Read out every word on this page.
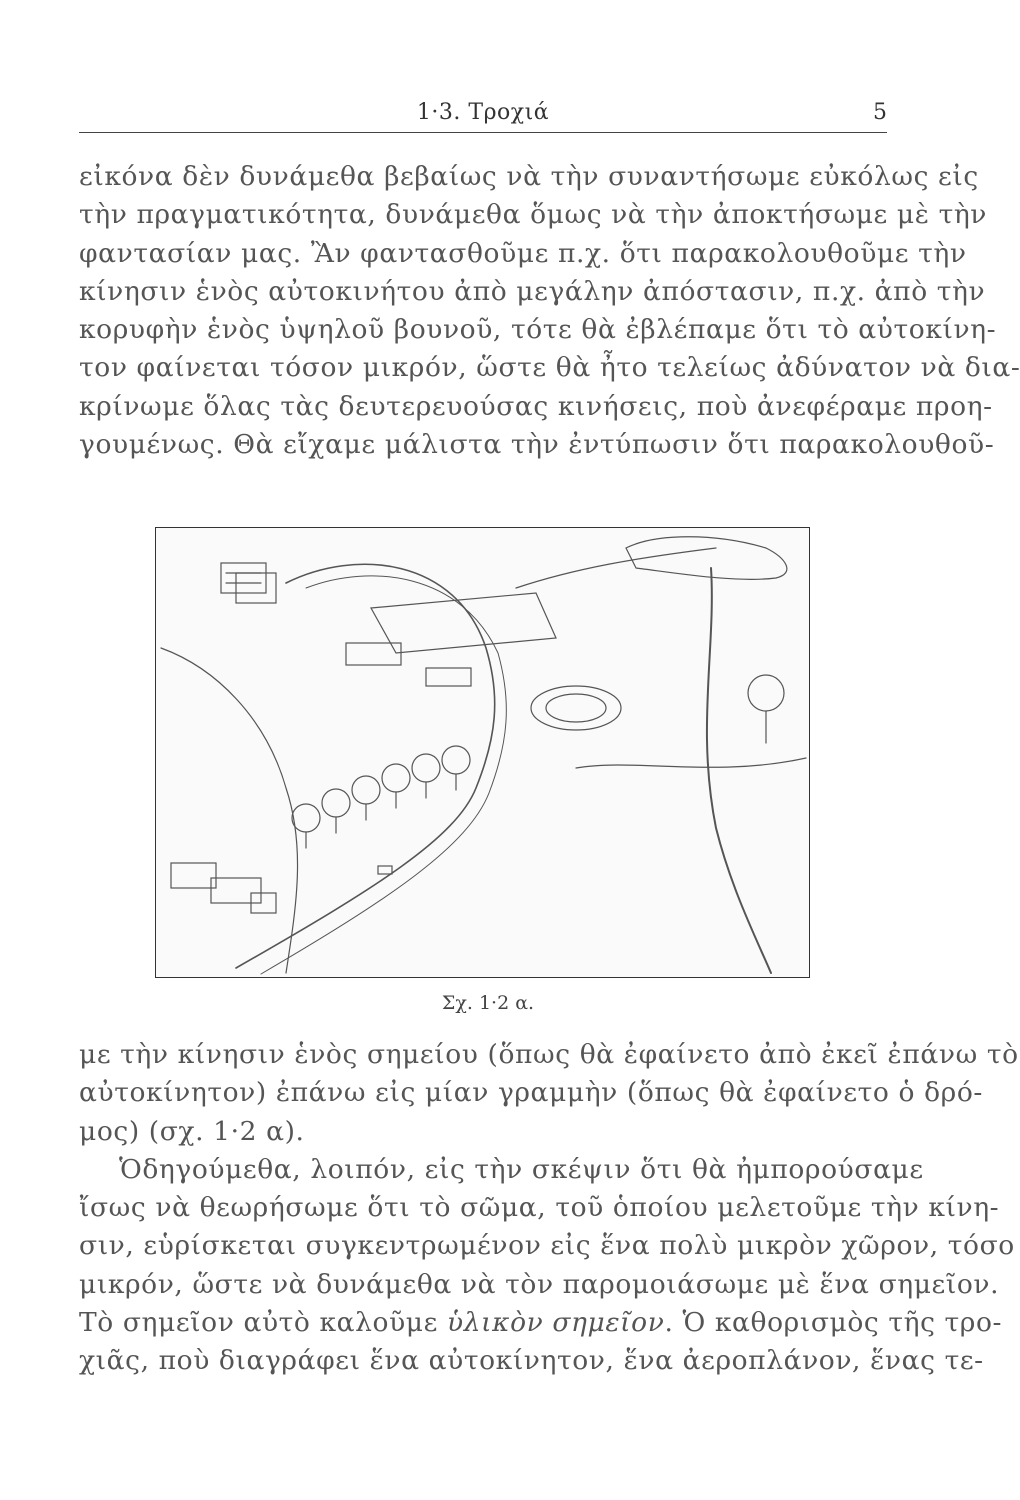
1·3. Τροχιά	5
εἰκόνα δὲν δυνάμεθα βεβαίως νὰ τὴν συναντήσωμε εὐκόλως εἰς
τὴν πραγματικότητα, δυνάμεθα ὅμως νὰ τὴν ἀποκτήσωμε μὲ τὴν
φαντασίαν μας. Ἂν φαντασθοῦμε π.χ. ὅτι παρακολουθοῦμε τὴν
κίνησιν ἑνὸς αὐτοκινήτου ἀπὸ μεγάλην ἀπόστασιν, π.χ. ἀπὸ τὴν
κορυφὴν ἑνὸς ὑψηλοῦ βουνοῦ, τότε θὰ ἐβλέπαμε ὅτι τὸ αὐτοκίνη-
τον φαίνεται τόσον μικρόν, ὥστε θὰ ἦτο τελείως ἀδύνατον νὰ δια-
κρίνωμε ὅλας τὰς δευτερευούσας κινήσεις, ποὺ ἀνεφέραμε προη-
γουμένως. Θὰ εἴχαμε μάλιστα τὴν ἐντύπωσιν ὅτι παρακολουθοῦ-
Σχ. 1·2 α.
με τὴν κίνησιν ἑνὸς σημείου (ὅπως θὰ ἐφαίνετο ἀπὸ ἐκεῖ ἐπάνω τὸ
αὐτοκίνητον) ἐπάνω εἰς μίαν γραμμὴν (ὅπως θὰ ἐφαίνετο ὁ δρό-
μος) (σχ. 1·2 α).
Ὁδηγούμεθα, λοιπόν, εἰς τὴν σκέψιν ὅτι θὰ ἠμπορούσαμε
ἴσως νὰ θεωρήσωμε ὅτι τὸ σῶμα, τοῦ ὁποίου μελετοῦμε τὴν κίνη-
σιν, εὑρίσκεται συγκεντρωμένον εἰς ἕνα πολὺ μικρὸν χῶρον, τόσο
μικρόν, ὥστε νὰ δυνάμεθα νὰ τὸν παρομοιάσωμε μὲ ἕνα σημεῖον.
Τὸ σημεῖον αὐτὸ καλοῦμε ὑλικὸν σημεῖον. Ὁ καθορισμὸς τῆς τρο-
χιᾶς, ποὺ διαγράφει ἕνα αὐτοκίνητον, ἕνα ἀεροπλάνον, ἕνας τε-
